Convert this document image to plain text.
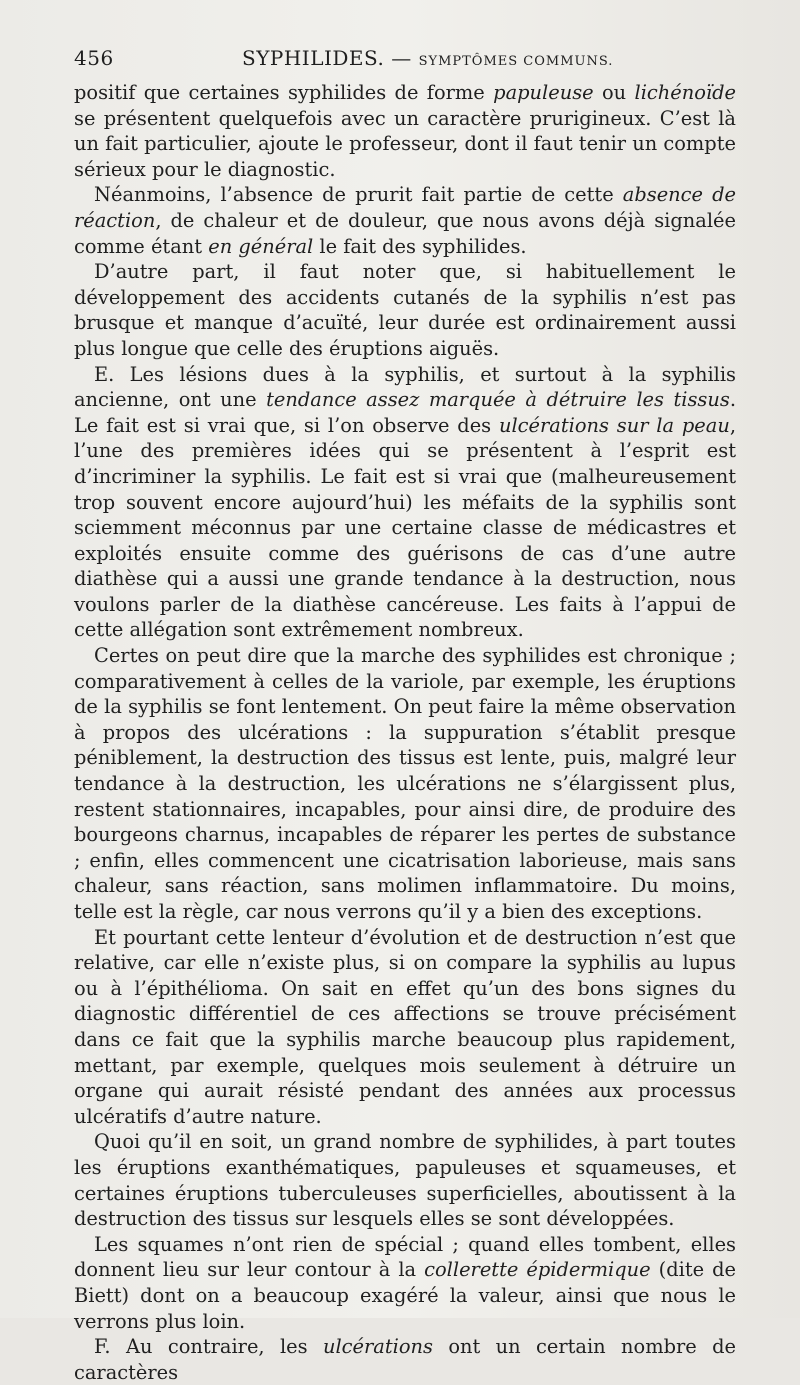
456	SYPHILIDES. — SYMPTÔMES COMMUNS.

positif que certaines syphilides de forme papuleuse ou lichénoïde se présentent quelquefois avec un caractère prurigineux. C’est là un fait particulier, ajoute le professeur, dont il faut tenir un compte sérieux pour le diagnostic.

Néanmoins, l’absence de prurit fait partie de cette absence de réaction, de chaleur et de douleur, que nous avons déjà signalée comme étant en général le fait des syphilides.

D’autre part, il faut noter que, si habituellement le développement des accidents cutanés de la syphilis n’est pas brusque et manque d’acuïté, leur durée est ordinairement aussi plus longue que celle des éruptions aiguës.

E. Les lésions dues à la syphilis, et surtout à la syphilis ancienne, ont une tendance assez marquée à détruire les tissus. Le fait est si vrai que, si l’on observe des ulcérations sur la peau, l’une des premières idées qui se présentent à l’esprit est d’incriminer la syphilis. Le fait est si vrai que (malheureusement trop souvent encore aujourd’hui) les méfaits de la syphilis sont sciemment méconnus par une certaine classe de médicastres et exploités ensuite comme des guérisons de cas d’une autre diathèse qui a aussi une grande tendance à la destruction, nous voulons parler de la diathèse cancéreuse. Les faits à l’appui de cette allégation sont extrêmement nombreux.

Certes on peut dire que la marche des syphilides est chronique ; comparativement à celles de la variole, par exemple, les éruptions de la syphilis se font lentement. On peut faire la même observation à propos des ulcérations : la suppuration s’établit presque péniblement, la destruction des tissus est lente, puis, malgré leur tendance à la destruction, les ulcérations ne s’élargissent plus, restent stationnaires, incapables, pour ainsi dire, de produire des bourgeons charnus, incapables de réparer les pertes de substance ; enfin, elles commencent une cicatrisation laborieuse, mais sans chaleur, sans réaction, sans molimen inflammatoire. Du moins, telle est la règle, car nous verrons qu’il y a bien des exceptions.

Et pourtant cette lenteur d’évolution et de destruction n’est que relative, car elle n’existe plus, si on compare la syphilis au lupus ou à l’épithélioma. On sait en effet qu’un des bons signes du diagnostic différentiel de ces affections se trouve précisément dans ce fait que la syphilis marche beaucoup plus rapidement, mettant, par exemple, quelques mois seulement à détruire un organe qui aurait résisté pendant des années aux processus ulcératifs d’autre nature.

Quoi qu’il en soit, un grand nombre de syphilides, à part toutes les éruptions exanthématiques, papuleuses et squameuses, et certaines éruptions tuberculeuses superficielles, aboutissent à la destruction des tissus sur lesquels elles se sont développées.

Les squames n’ont rien de spécial ; quand elles tombent, elles donnent lieu sur leur contour à la collerette épidermique (dite de Biett) dont on a beaucoup exagéré la valeur, ainsi que nous le verrons plus loin.

F. Au contraire, les ulcérations ont un certain nombre de caractères
